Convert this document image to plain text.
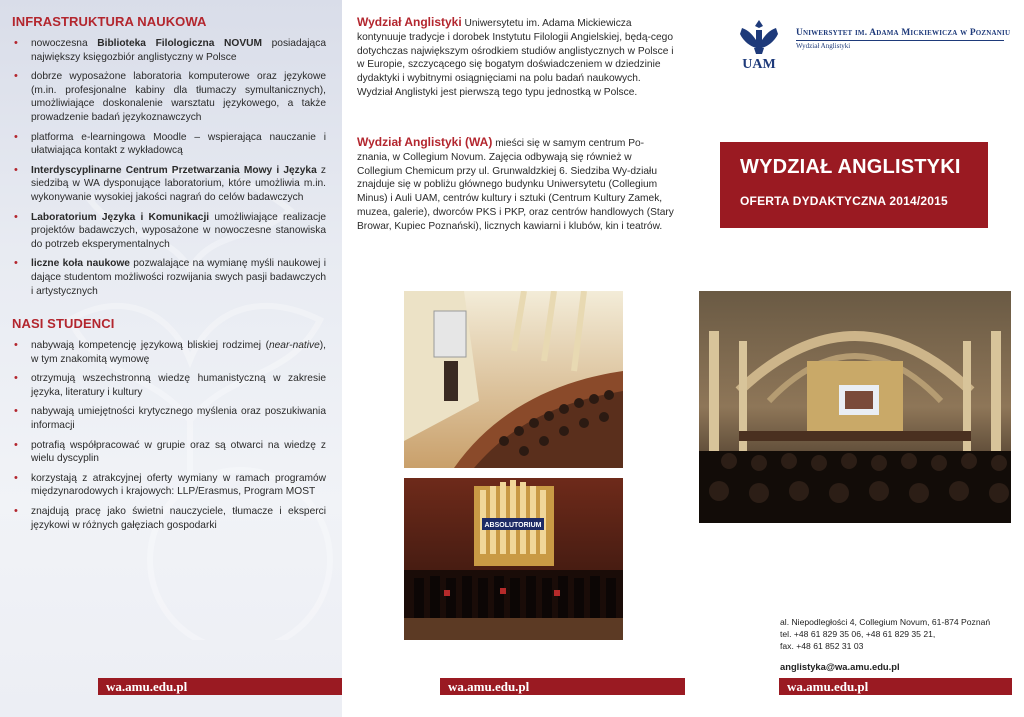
INFRASTRUKTURA NAUKOWA
• nowoczesna Biblioteka Filologiczna NOVUM posiadająca największy księgozbiór anglistyczny w Polsce
• dobrze wyposażone laboratoria komputerowe oraz językowe (m.in. profesjonalne kabiny dla tłumaczy symultanicznych), umożliwiające doskonalenie warsztatu językowego, a także prowadzenie badań językoznawczych
• platforma e-learningowa Moodle – wspierająca nauczanie i ułatwiająca kontakt z wykładowcą
• Interdyscyplinarne Centrum Przetwarzania Mowy i Języka z siedzibą w WA dysponujące laboratorium, które umożliwia m.in. wykonywanie wysokiej jakości nagrań do celów badawczych
• Laboratorium Języka i Komunikacji umożliwiające realizacje projektów badawczych, wyposażone w nowoczesne stanowiska do potrzeb eksperymentalnych
• liczne koła naukowe pozwalające na wymianę myśli naukowej i dające studentom możliwości rozwijania swych pasji badawczych i artystycznych
NASI STUDENCI
• nabywają kompetencję językową bliskiej rodzimej (near-native), w tym znakomitą wymowę
• otrzymują wszechstronną wiedzę humanistyczną w zakresie języka, literatury i kultury
• nabywają umiejętności krytycznego myślenia oraz poszukiwania informacji
• potrafią współpracować w grupie oraz są otwarci na wiedzę z wielu dyscyplin
• korzystają z atrakcyjnej oferty wymiany w ramach programów międzynarodowych i krajowych: LLP/Erasmus, Program MOST
• znajdują pracę jako świetni nauczyciele, tłumacze i eksperci językowi w różnych gałęziach gospodarki
wa.amu.edu.pl

Wydział Anglistyki Uniwersytetu im. Adama Mickiewicza kontynuuje tradycje i dorobek Instytutu Filologii Angielskiej, będą-cego dotychczas największym ośrodkiem studiów anglistycznych w Polsce i w Europie, szczycącego się bogatym doświadczeniem w dziedzinie dydaktyki i wybitnymi osiągnięciami na polu badań naukowych. Wydział Anglistyki jest pierwszą tego typu jednostką w Polsce.

Wydział Anglistyki (WA) mieści się w samym centrum Po-znania, w Collegium Novum. Zajęcia odbywają się również w Collegium Chemicum przy ul. Grunwaldzkiej 6. Siedziba Wy-działu znajduje się w pobliżu głównego budynku Uniwersytetu (Collegium Minus) i Auli UAM, centrów kultury i sztuki (Centrum Kultury Zamek, muzea, galerie), dworców PKS i PKP, oraz centrów handlowych (Stary Browar, Kupiec Poznański), licznych kawiarni i klubów, kin i teatrów.

ABSOLUTORIUM
wa.amu.edu.pl
UAM
Uniwersytet im. Adama Mickiewicza w Poznaniu
Wydział Anglistyki
WYDZIAŁ ANGLISTYKI
OFERTA DYDAKTYCZNA 2014/2015
al. Niepodległości 4, Collegium Novum, 61-874 Poznań
tel. +48 61 829 35 06, +48 61 829 35 21,
fax. +48 61 852 31 03
anglistyka@wa.amu.edu.pl
wa.amu.edu.pl
